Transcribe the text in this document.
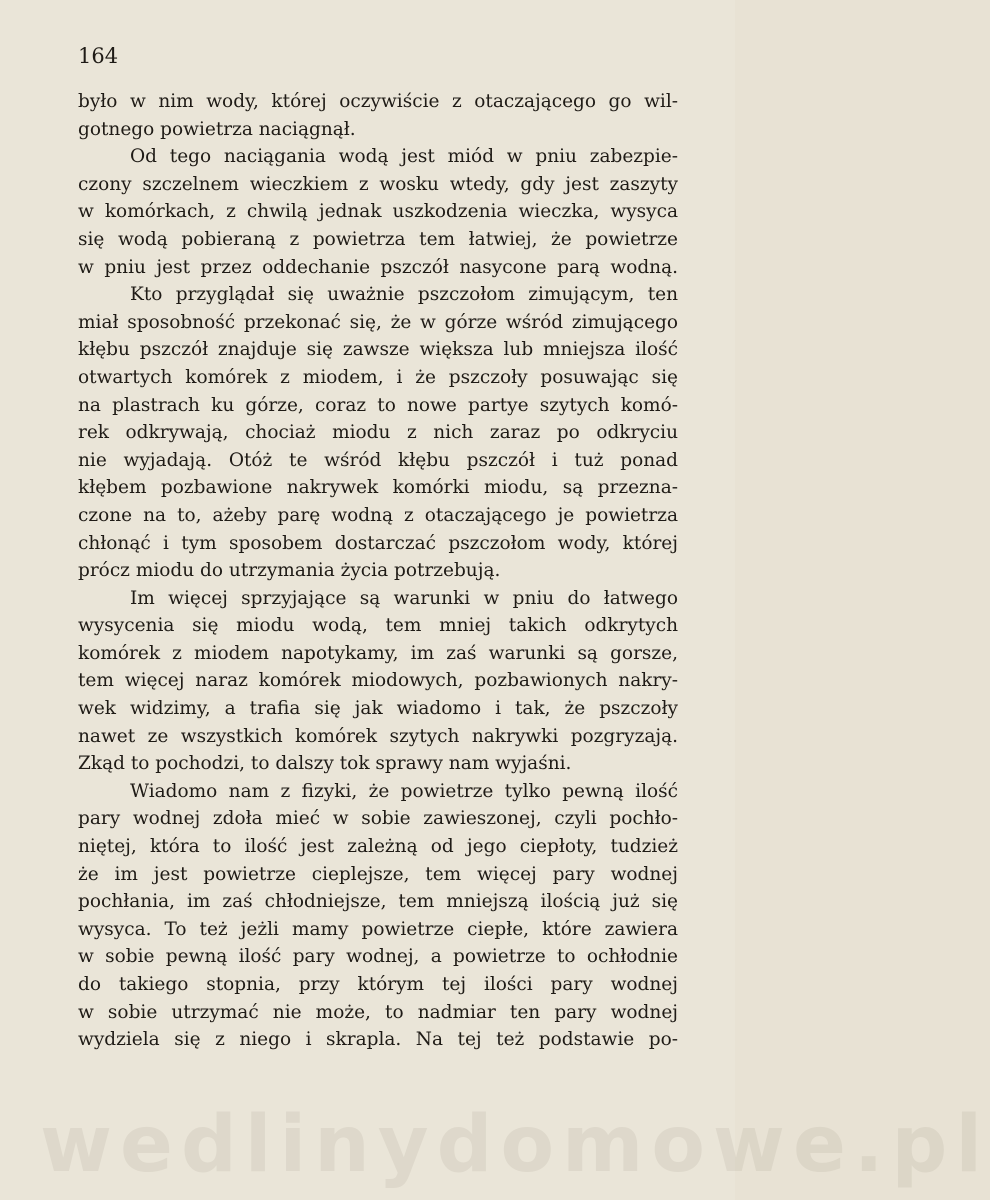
164
było w nim wody, której oczywiście z otaczającego go wil-
gotnego powietrza naciągnął.
Od tego naciągania wodą jest miód w pniu zabezpie-
czony szczelnem wieczkiem z wosku wtedy, gdy jest zaszyty
w komórkach, z chwilą jednak uszkodzenia wieczka, wysyca
się wodą pobieraną z powietrza tem łatwiej, że powietrze
w pniu jest przez oddechanie pszczół nasycone parą wodną.
Kto przyglądał się uważnie pszczołom zimującym, ten
miał sposobność przekonać się, że w górze wśród zimującego
kłębu pszczół znajduje się zawsze większa lub mniejsza ilość
otwartych komórek z miodem, i że pszczoły posuwając się
na plastrach ku górze, coraz to nowe partye szytych komó-
rek odkrywają, chociaż miodu z nich zaraz po odkryciu
nie wyjadają. Otóż te wśród kłębu pszczół i tuż ponad
kłębem pozbawione nakrywek komórki miodu, są przezna-
czone na to, ażeby parę wodną z otaczającego je powietrza
chłonąć i tym sposobem dostarczać pszczołom wody, której
prócz miodu do utrzymania życia potrzebują.
Im więcej sprzyjające są warunki w pniu do łatwego
wysycenia się miodu wodą, tem mniej takich odkrytych
komórek z miodem napotykamy, im zaś warunki są gorsze,
tem więcej naraz komórek miodowych, pozbawionych nakry-
wek widzimy, a trafia się jak wiadomo i tak, że pszczoły
nawet ze wszystkich komórek szytych nakrywki pozgryzają.
Zkąd to pochodzi, to dalszy tok sprawy nam wyjaśni.
Wiadomo nam z fizyki, że powietrze tylko pewną ilość
pary wodnej zdoła mieć w sobie zawieszonej, czyli pochło-
niętej, która to ilość jest zależną od jego ciepłoty, tudzież
że im jest powietrze cieplejsze, tem więcej pary wodnej
pochłania, im zaś chłodniejsze, tem mniejszą ilością już się
wysyca. To też jeżli mamy powietrze ciepłe, które zawiera
w sobie pewną ilość pary wodnej, a powietrze to ochłodnie
do takiego stopnia, przy którym tej ilości pary wodnej
w sobie utrzymać nie może, to nadmiar ten pary wodnej
wydziela się z niego i skrapla. Na tej też podstawie po-
wedlinydomowe.pl
